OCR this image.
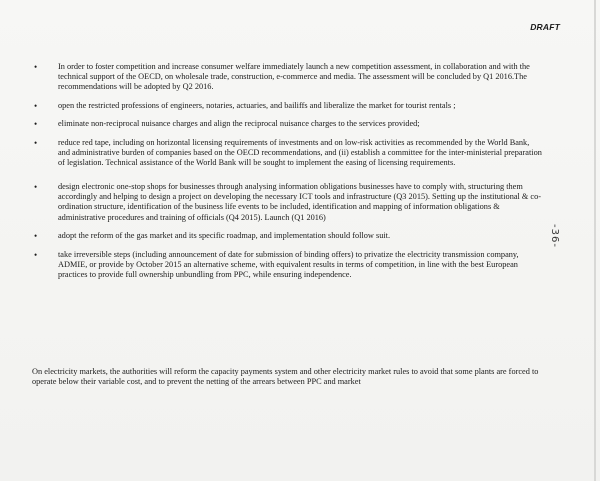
DRAFT
•	In order to foster competition and increase consumer welfare immediately launch a new competition assessment, in collaboration and with the technical support of the OECD, on wholesale trade, construction, e-commerce and media. The assessment will be concluded by Q1 2016.The recommendations will be adopted by Q2 2016.
•	open the restricted professions of engineers, notaries, actuaries, and bailiffs and liberalize the market for tourist rentals ;
•	eliminate non-reciprocal nuisance charges and align the reciprocal nuisance charges to the services provided;
•	reduce red tape, including on horizontal licensing requirements of investments and on low-risk activities as recommended by the World Bank, and administrative burden of companies based on the OECD recommendations, and (ii) establish a committee for the inter-ministerial preparation of legislation. Technical assistance of the World Bank will be sought to implement the easing of licensing requirements.
•	design electronic one-stop shops for businesses through analysing information obligations businesses have to comply with, structuring them accordingly and helping to design a project on developing the necessary ICT tools and infrastructure (Q3 2015). Setting up the institutional & co-ordination structure, identification of the business life events to be included, identification and mapping of information obligations & administrative procedures and training of officials (Q4 2015). Launch (Q1 2016)
•	adopt the reform of the gas market and its specific roadmap, and implementation should follow suit.
•	take irreversible steps (including announcement of date for submission of binding offers) to privatize the electricity transmission company, ADMIE, or provide by October 2015 an alternative scheme, with equivalent results in terms of competition, in line with the best European practices to provide full ownership unbundling from PPC, while ensuring independence.
On electricity markets, the authorities will reform the capacity payments system and other electricity market rules to avoid that some plants are forced to operate below their variable cost, and to prevent the netting of the arrears between PPC and market
-36-
